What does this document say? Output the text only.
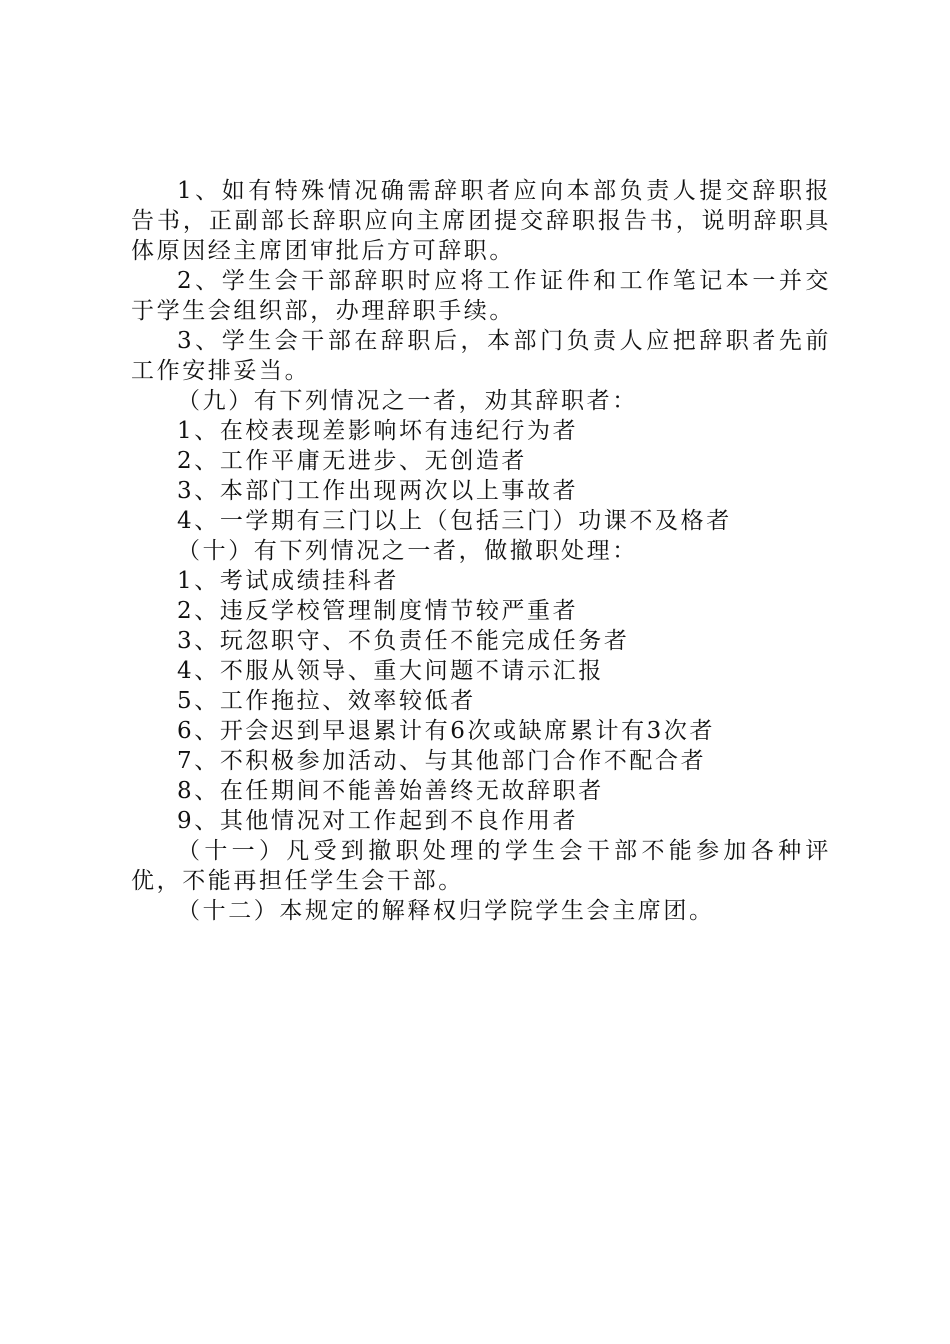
1、如有特殊情况确需辞职者应向本部负责人提交辞职报告书，正副部长辞职应向主席团提交辞职报告书，说明辞职具体原因经主席团审批后方可辞职。

2、学生会干部辞职时应将工作证件和工作笔记本一并交于学生会组织部，办理辞职手续。

3、学生会干部在辞职后，本部门负责人应把辞职者先前工作安排妥当。

（九）有下列情况之一者，劝其辞职者：

1、在校表现差影响坏有违纪行为者

2、工作平庸无进步、无创造者

3、本部门工作出现两次以上事故者

4、一学期有三门以上（包括三门）功课不及格者

（十）有下列情况之一者，做撤职处理：

1、考试成绩挂科者

2、违反学校管理制度情节较严重者

3、玩忽职守、不负责任不能完成任务者

4、不服从领导、重大问题不请示汇报

5、工作拖拉、效率较低者

6、开会迟到早退累计有6次或缺席累计有3次者

7、不积极参加活动、与其他部门合作不配合者

8、在任期间不能善始善终无故辞职者

9、其他情况对工作起到不良作用者

（十一）凡受到撤职处理的学生会干部不能参加各种评优，不能再担任学生会干部。

（十二）本规定的解释权归学院学生会主席团。
